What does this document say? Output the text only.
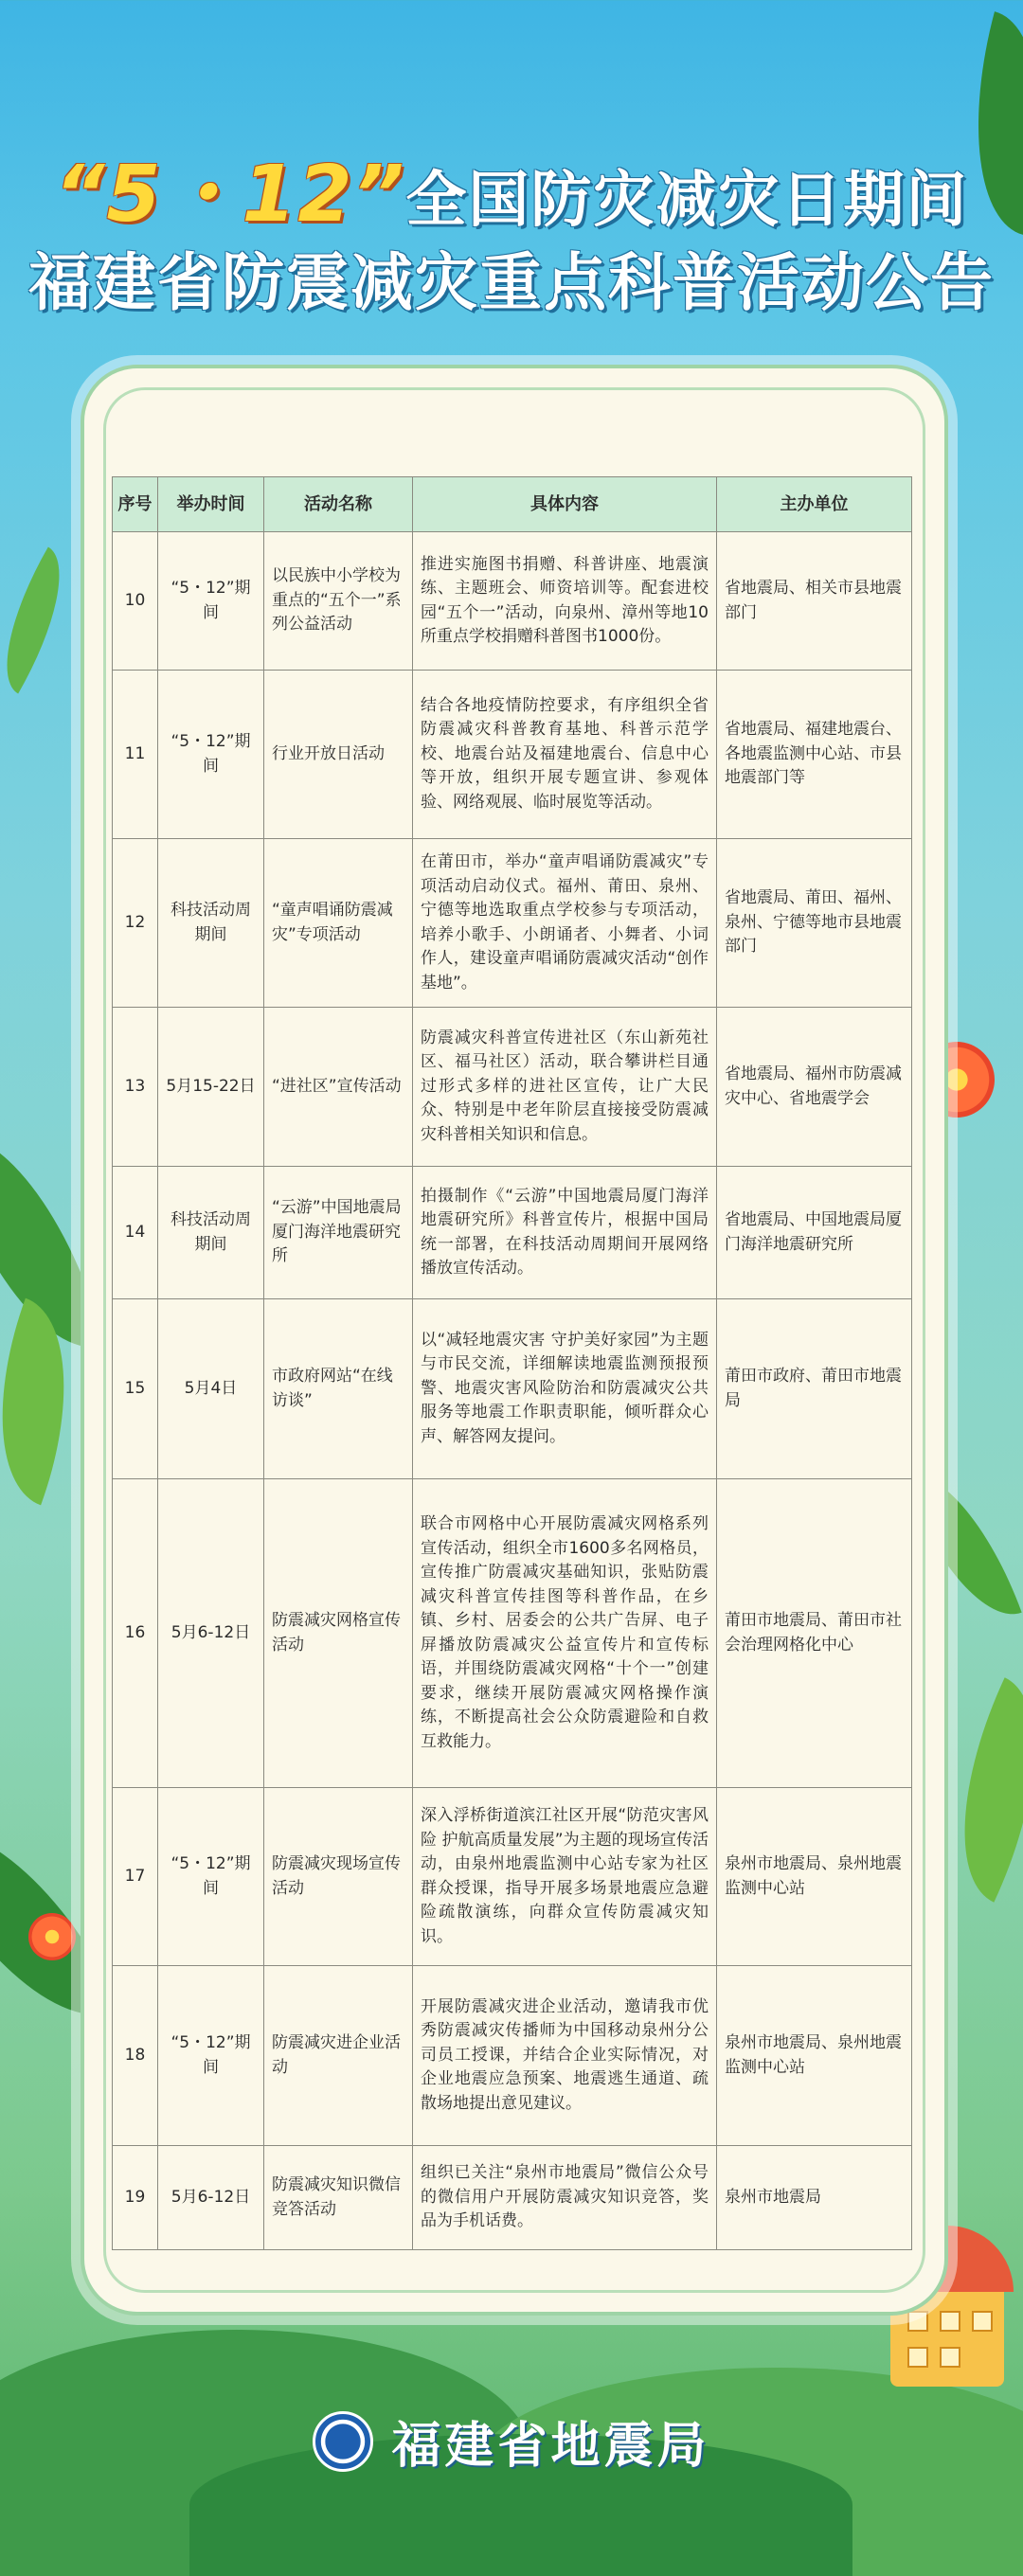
“5・12”全国防灾减灾日期间
福建省防震减灾重点科普活动公告
序号	举办时间	活动名称	具体内容	主办单位
10	“5・12”期间	以民族中小学校为重点的“五个一”系列公益活动	推进实施图书捐赠、科普讲座、地震演练、主题班会、师资培训等。配套进校园“五个一”活动，向泉州、漳州等地10所重点学校捐赠科普图书1000份。	省地震局、相关市县地震部门
11	“5・12”期间	行业开放日活动	结合各地疫情防控要求，有序组织全省防震减灾科普教育基地、科普示范学校、地震台站及福建地震台、信息中心等开放，组织开展专题宣讲、参观体验、网络观展、临时展览等活动。	省地震局、福建地震台、各地震监测中心站、市县地震部门等
12	科技活动周期间	“童声唱诵防震减灾”专项活动	在莆田市，举办“童声唱诵防震减灾”专项活动启动仪式。福州、莆田、泉州、宁德等地选取重点学校参与专项活动，培养小歌手、小朗诵者、小舞者、小词作人，建设童声唱诵防震减灾活动“创作基地”。	省地震局、莆田、福州、泉州、宁德等地市县地震部门
13	5月15-22日	“进社区”宣传活动	防震减灾科普宣传进社区（东山新苑社区、福马社区）活动，联合攀讲栏目通过形式多样的进社区宣传，让广大民众、特别是中老年阶层直接接受防震减灾科普相关知识和信息。	省地震局、福州市防震减灾中心、省地震学会
14	科技活动周期间	“云游”中国地震局厦门海洋地震研究所	拍摄制作《“云游”中国地震局厦门海洋地震研究所》科普宣传片，根据中国局统一部署，在科技活动周期间开展网络播放宣传活动。	省地震局、中国地震局厦门海洋地震研究所
15	5月4日	市政府网站“在线访谈”	以“减轻地震灾害 守护美好家园”为主题与市民交流，详细解读地震监测预报预警、地震灾害风险防治和防震减灾公共服务等地震工作职责职能，倾听群众心声、解答网友提问。	莆田市政府、莆田市地震局
16	5月6-12日	防震减灾网格宣传活动	联合市网格中心开展防震减灾网格系列宣传活动，组织全市1600多名网格员，宣传推广防震减灾基础知识，张贴防震减灾科普宣传挂图等科普作品，在乡镇、乡村、居委会的公共广告屏、电子屏播放防震减灾公益宣传片和宣传标语，并围绕防震减灾网格“十个一”创建要求，继续开展防震减灾网格操作演练，不断提高社会公众防震避险和自救互救能力。	莆田市地震局、莆田市社会治理网格化中心
17	“5・12”期间	防震减灾现场宣传活动	深入浮桥街道滨江社区开展“防范灾害风险 护航高质量发展”为主题的现场宣传活动，由泉州地震监测中心站专家为社区群众授课，指导开展多场景地震应急避险疏散演练，向群众宣传防震减灾知识。	泉州市地震局、泉州地震监测中心站
18	“5・12”期间	防震减灾进企业活动	开展防震减灾进企业活动，邀请我市优秀防震减灾传播师为中国移动泉州分公司员工授课，并结合企业实际情况，对企业地震应急预案、地震逃生通道、疏散场地提出意见建议。	泉州市地震局、泉州地震监测中心站
19	5月6-12日	防震减灾知识微信竞答活动	组织已关注“泉州市地震局”微信公众号的微信用户开展防震减灾知识竞答，奖品为手机话费。	泉州市地震局
福建省地震局
